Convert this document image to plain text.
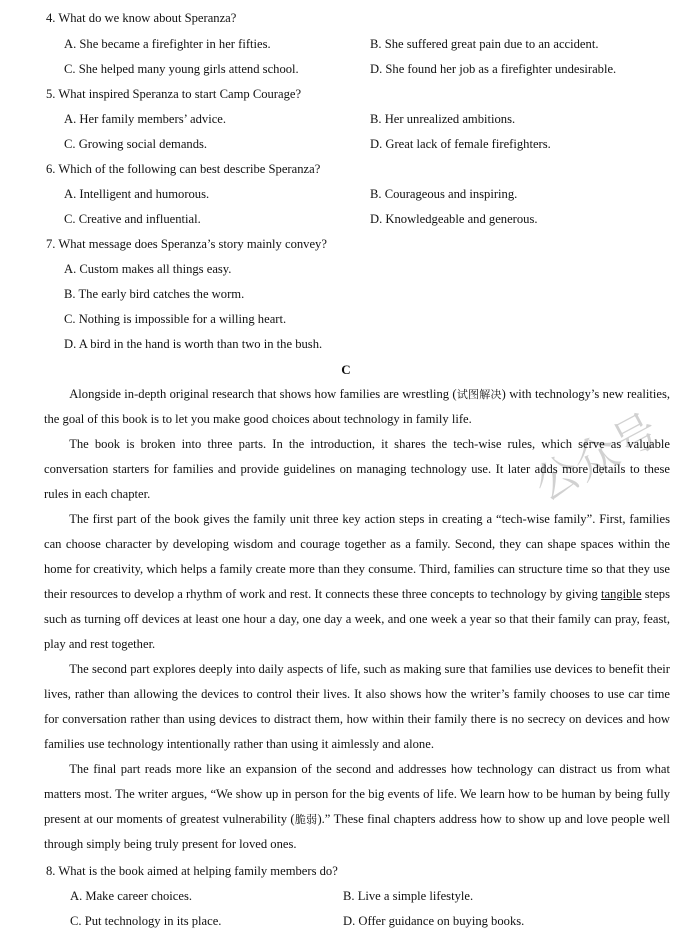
4. What do we know about Speranza?
A. She became a firefighter in her fifties.	B. She suffered great pain due to an accident.
C. She helped many young girls attend school.	D. She found her job as a firefighter undesirable.
5. What inspired Speranza to start Camp Courage?
A. Her family members’ advice.	B. Her unrealized ambitions.
C. Growing social demands.	D. Great lack of female firefighters.
6. Which of the following can best describe Speranza?
A. Intelligent and humorous.	B. Courageous and inspiring.
C. Creative and influential.	D. Knowledgeable and generous.
7. What message does Speranza’s story mainly convey?
A. Custom makes all things easy.
B. The early bird catches the worm.
C. Nothing is impossible for a willing heart.
D. A bird in the hand is worth than two in the bush.
C

Alongside in-depth original research that shows how families are wrestling (试图解决) with technology’s new realities, the goal of this book is to let you make good choices about technology in family life.

The book is broken into three parts. In the introduction, it shares the tech-wise rules, which serve as valuable conversation starters for families and provide guidelines on managing technology use. It later adds more details to these rules in each chapter.

The first part of the book gives the family unit three key action steps in creating a “tech-wise family”. First, families can choose character by developing wisdom and courage together as a family. Second, they can shape spaces within the home for creativity, which helps a family create more than they consume. Third, families can structure time so that they use their resources to develop a rhythm of work and rest. It connects these three concepts to technology by giving tangible steps such as turning off devices at least one hour a day, one day a week, and one week a year so that their family can pray, feast, play and rest together.

The second part explores deeply into daily aspects of life, such as making sure that families use devices to benefit their lives, rather than allowing the devices to control their lives. It also shows how the writer’s family chooses to use car time for conversation rather than using devices to distract them, how within their family there is no secrecy on devices and how families use technology intentionally rather than using it aimlessly and alone.

The final part reads more like an expansion of the second and addresses how technology can distract us from what matters most. The writer argues, “We show up in person for the big events of life. We learn how to be human by being fully present at our moments of greatest vulnerability (脆弱).” These final chapters address how to show up and love people well through simply being truly present for loved ones.

8. What is the book aimed at helping family members do?
A. Make career choices.	B. Live a simple lifestyle.
C. Put technology in its place.	D. Offer guidance on buying books.
公众号
